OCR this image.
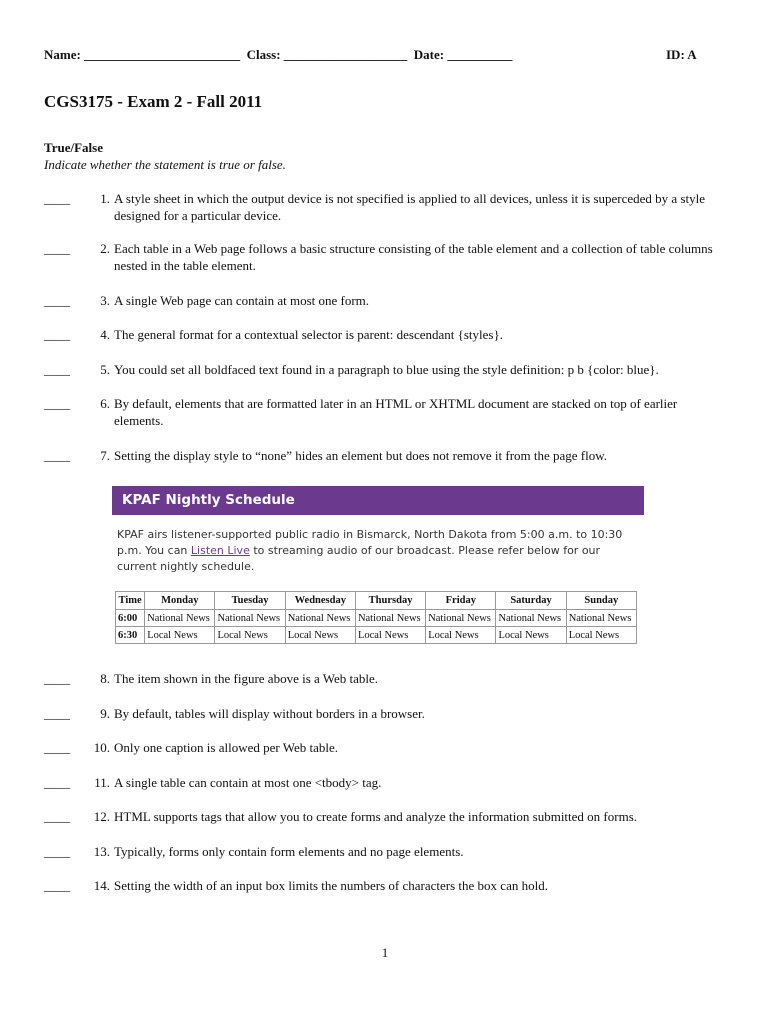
Name: ________________________ Class: ___________________ Date: __________	ID: A
CGS3175 - Exam 2 - Fall 2011
True/False
Indicate whether the statement is true or false.
____	1. A style sheet in which the output device is not specified is applied to all devices, unless it is superceded by a style designed for a particular device.
____	2. Each table in a Web page follows a basic structure consisting of the table element and a collection of table columns nested in the table element.
____	3. A single Web page can contain at most one form.
____	4. The general format for a contextual selector is parent: descendant {styles}.
____	5. You could set all boldfaced text found in a paragraph to blue using the style definition: p b {color: blue}.
____	6. By default, elements that are formatted later in an HTML or XHTML document are stacked on top of earlier elements.
____	7. Setting the display style to “none” hides an element but does not remove it from the page flow.
KPAF Nightly Schedule
KPAF airs listener-supported public radio in Bismarck, North Dakota from 5:00 a.m. to 10:30 p.m. You can Listen Live to streaming audio of our broadcast. Please refer below for our current nightly schedule.
Time	Monday	Tuesday	Wednesday	Thursday	Friday	Saturday	Sunday
6:00	National News	National News	National News	National News	National News	National News	National News
6:30	Local News	Local News	Local News	Local News	Local News	Local News	Local News
____	8. The item shown in the figure above is a Web table.
____	9. By default, tables will display without borders in a browser.
____	10. Only one caption is allowed per Web table.
____	11. A single table can contain at most one <tbody> tag.
____	12. HTML supports tags that allow you to create forms and analyze the information submitted on forms.
____	13. Typically, forms only contain form elements and no page elements.
____	14. Setting the width of an input box limits the numbers of characters the box can hold.
1
